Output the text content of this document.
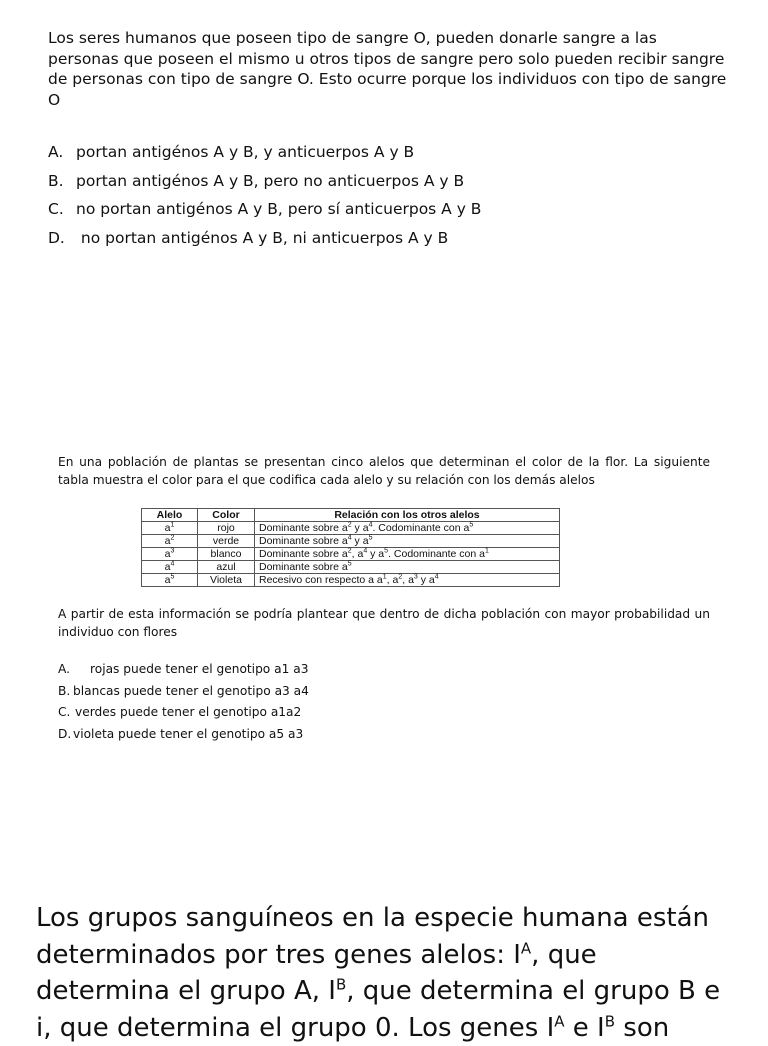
Los seres humanos que poseen tipo de sangre O, pueden donarle sangre a las personas que poseen el mismo u otros tipos de sangre pero solo pueden recibir sangre de personas con tipo de sangre O. Esto ocurre porque los individuos con tipo de sangre O

A. portan antigénos A y B, y anticuerpos A y B
B. portan antigénos A y B, pero no anticuerpos A y B
C. no portan antigénos A y B, pero sí anticuerpos A y B
D. no portan antigénos A y B, ni anticuerpos A y B

En una población de plantas se presentan cinco alelos que determinan el color de la flor. La siguiente tabla muestra el color para el que codifica cada alelo y su relación con los demás alelos

Alelo	Color	Relación con los otros alelos
$a^1$	rojo	Dominante sobre $a^2$ y $a^4$. Codominante con $a^5$
$a^2$	verde	Dominante sobre $a^4$ y $a^5$
$a^3$	blanco	Dominante sobre $a^2$, $a^4$ y $a^5$. Codominante con $a^1$
$a^4$	azul	Dominante sobre $a^5$
$a^5$	Violeta	Recesivo con respecto a $a^1$, $a^2$, $a^3$ y $a^4$

A partir de esta información se podría plantear que dentro de dicha población con mayor probabilidad un individuo con flores

A. rojas puede tener el genotipo a1 a3
B. blancas puede tener el genotipo a3 a4
C. verdes puede tener el genotipo a1a2
D. violeta puede tener el genotipo a5 a3

Los grupos sanguíneos en la especie humana están determinados por tres genes alelos: $I^A$, que determina el grupo A, $I^B$, que determina el grupo B e i, que determina el grupo 0. Los genes $I^A$ e $I^B$ son
